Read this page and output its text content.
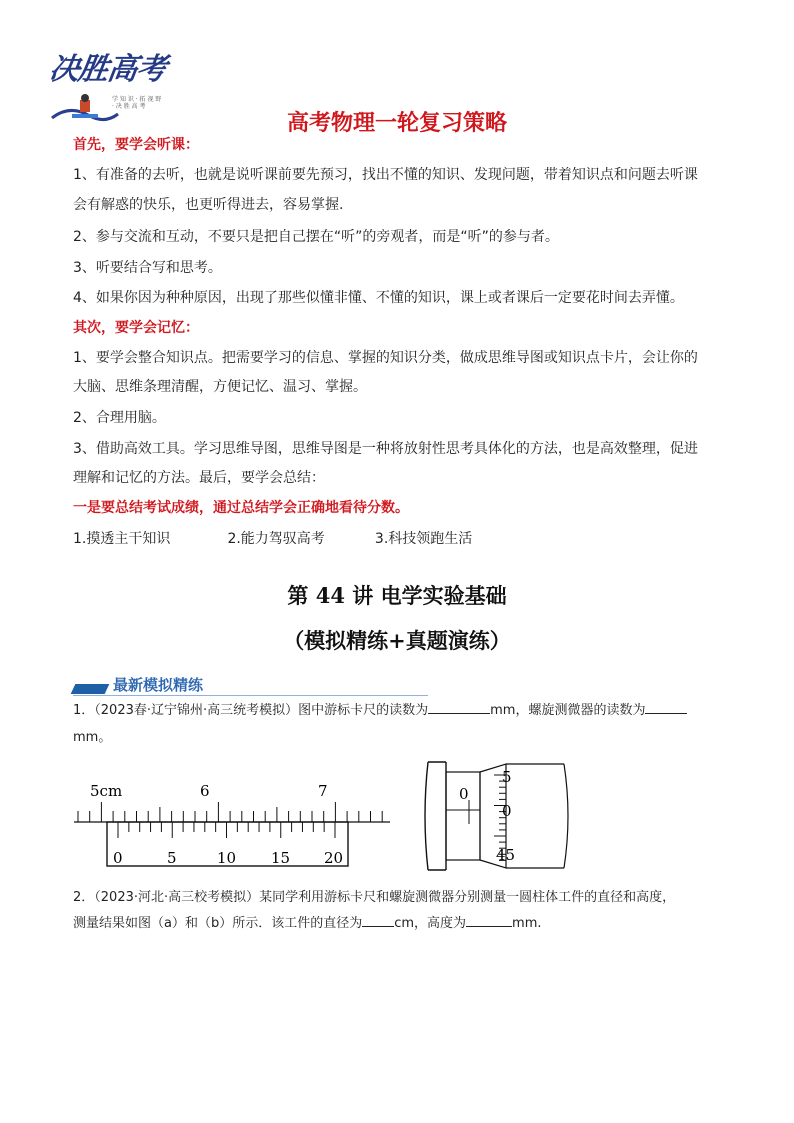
决胜高考
学 知 识 · 拓 视 野 · 决 胜 高 考
高考物理一轮复习策略
首先，要学会听课：
1、有准备的去听，也就是说听课前要先预习，找出不懂的知识、发现问题，带着知识点和问题去听课
会有解惑的快乐，也更听得进去，容易掌握.
2、参与交流和互动，不要只是把自己摆在“听”的旁观者，而是“听”的参与者。
3、听要结合写和思考。
4、如果你因为种种原因，出现了那些似懂非懂、不懂的知识，课上或者课后一定要花时间去弄懂。
其次，要学会记忆：
1、要学会整合知识点。把需要学习的信息、掌握的知识分类，做成思维导图或知识点卡片，会让你的
大脑、思维条理清醒，方便记忆、温习、掌握。
2、合理用脑。
3、借助高效工具。学习思维导图，思维导图是一种将放射性思考具体化的方法，也是高效整理，促进
理解和记忆的方法。最后，要学会总结：
一是要总结考试成绩，通过总结学会正确地看待分数。
1.摸透主干知识	2.能力驾驭高考	3.科技领跑生活
第 44 讲 电学实验基础
（模拟精练+真题演练）
最新模拟精练
1．（2023春·辽宁锦州·高三统考模拟）图中游标卡尺的读数为	mm，螺旋测微器的读数为
mm。
5cm	6	7
0	5	10 15 20
0
5
0
45
2．（2023·河北·高三校考模拟）某同学利用游标卡尺和螺旋测微器分别测量一圆柱体工件的直径和高度，
测量结果如图（a）和（b）所示．该工件的直径为 cm，高度为	mm.
